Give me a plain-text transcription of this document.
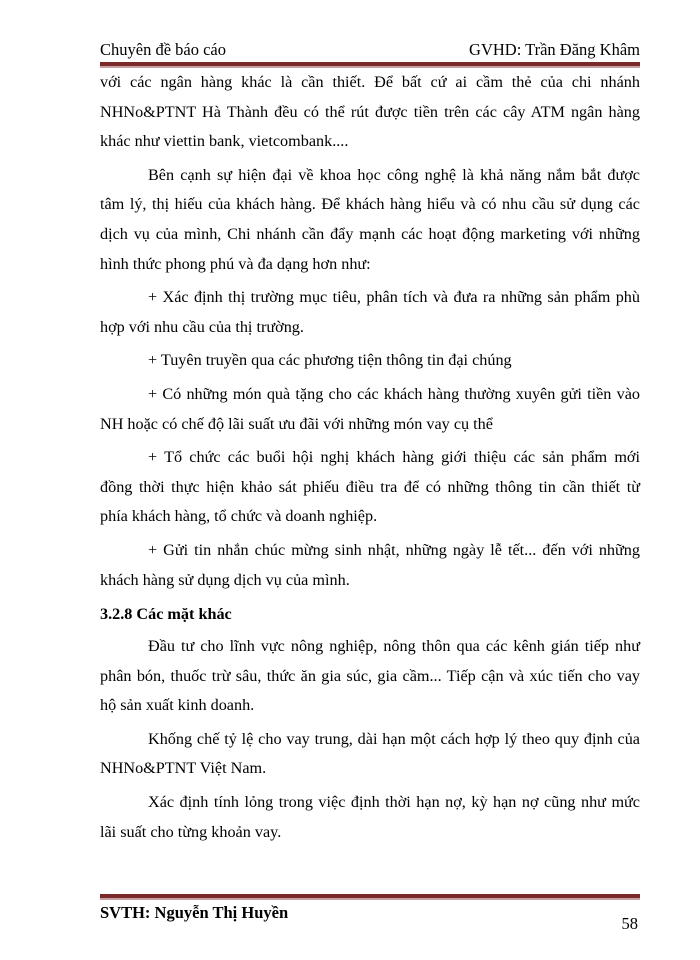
Chuyên đề báo cáo	GVHD: Trần Đăng Khâm
với các ngân hàng khác là cần thiết. Để bất cứ ai cầm thẻ của chi nhánh
NHNo&PTNT Hà Thành đều có thể rút được tiền trên các cây ATM ngân hàng
khác như viettin bank, vietcombank....
Bên cạnh sự hiện đại về khoa học công nghệ là khả năng nắm bắt được
tâm lý, thị hiếu của khách hàng. Để khách hàng hiểu và có nhu cầu sử dụng các
dịch vụ của mình, Chi nhánh cần đẩy mạnh các hoạt động marketing với những
hình thức phong phú và đa dạng hơn như:
+ Xác định thị trường mục tiêu, phân tích và đưa ra những sản phẩm phù
hợp với nhu cầu của thị trường.
+ Tuyên truyền qua các phương tiện thông tin đại chúng
+ Có những món quà tặng cho các khách hàng thường xuyên gửi tiền vào
NH hoặc có chế độ lãi suất ưu đãi với những món vay cụ thể
+ Tổ chức các buổi hội nghị khách hàng giới thiệu các sản phẩm mới
đồng thời thực hiện khảo sát phiếu điều tra để có những thông tin cần thiết từ
phía khách hàng, tổ chức và doanh nghiệp.
+ Gửi tin nhắn chúc mừng sinh nhật, những ngày lễ tết... đến với những
khách hàng sử dụng dịch vụ của mình.
3.2.8 Các mặt khác
Đầu tư cho lĩnh vực nông nghiệp, nông thôn qua các kênh gián tiếp như
phân bón, thuốc trừ sâu, thức ăn gia súc, gia cầm... Tiếp cận và xúc tiến cho vay
hộ sản xuất kinh doanh.
Khống chế tỷ lệ cho vay trung, dài hạn một cách hợp lý theo quy định của
NHNo&PTNT Việt Nam.
Xác định tính lỏng trong việc định thời hạn nợ, kỳ hạn nợ cũng như mức
lãi suất cho từng khoản vay.
SVTH: Nguyễn Thị Huyền
58
